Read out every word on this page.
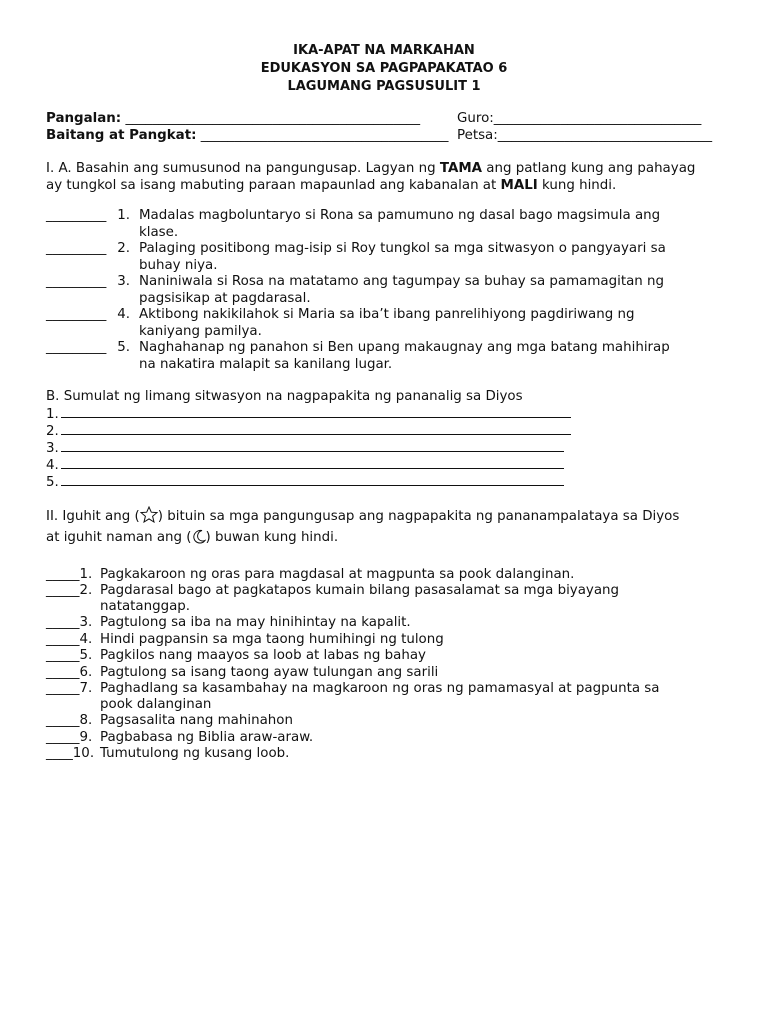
IKA-APAT NA MARKAHAN
EDUKASYON SA PAGPAPAKATAO 6
LAGUMANG PAGSUSULIT 1
Pangalan: ____________________________________________	Guro:_______________________________
Baitang at Pangkat: _____________________________________ Petsa:________________________________
I. A. Basahin ang sumusunod na pangungusap. Lagyan ng TAMA ang patlang kung ang pahayag
ay tungkol sa isang mabuting paraan mapaunlad ang kabanalan at MALI kung hindi.
_________ 1. Madalas magboluntaryo si Rona sa pamumuno ng dasal bago magsimula ang
klase.
_________ 2. Palaging positibong mag-isip si Roy tungkol sa mga sitwasyon o pangyayari sa
buhay niya.
_________ 3. Naniniwala si Rosa na matatamo ang tagumpay sa buhay sa pamamagitan ng
pagsisikap at pagdarasal.
_________ 4. Aktibong nakikilahok si Maria sa iba’t ibang panrelihiyong pagdiriwang ng
kaniyang pamilya.
_________ 5. Naghahanap ng panahon si Ben upang makaugnay ang mga batang mahihirap
na nakatira malapit sa kanilang lugar.
B. Sumulat ng limang sitwasyon na nagpapakita ng pananalig sa Diyos
1.
2.
3.
4.
5.
II. Iguhit ang ( ) bituin sa mga pangungusap ang nagpapakita ng pananampalataya sa Diyos
at iguhit naman ang ( ) buwan kung hindi.
_____1. Pagkakaroon ng oras para magdasal at magpunta sa pook dalanginan.
_____2. Pagdarasal bago at pagkatapos kumain bilang pasasalamat sa mga biyayang
natatanggap.
_____3. Pagtulong sa iba na may hinihintay na kapalit.
_____4. Hindi pagpansin sa mga taong humihingi ng tulong
_____5. Pagkilos nang maayos sa loob at labas ng bahay
_____6. Pagtulong sa isang taong ayaw tulungan ang sarili
_____7. Paghadlang sa kasambahay na magkaroon ng oras ng pamamasyal at pagpunta sa
pook dalanginan
_____8. Pagsasalita nang mahinahon
_____9. Pagbabasa ng Biblia araw-araw.
____10. Tumutulong ng kusang loob.
